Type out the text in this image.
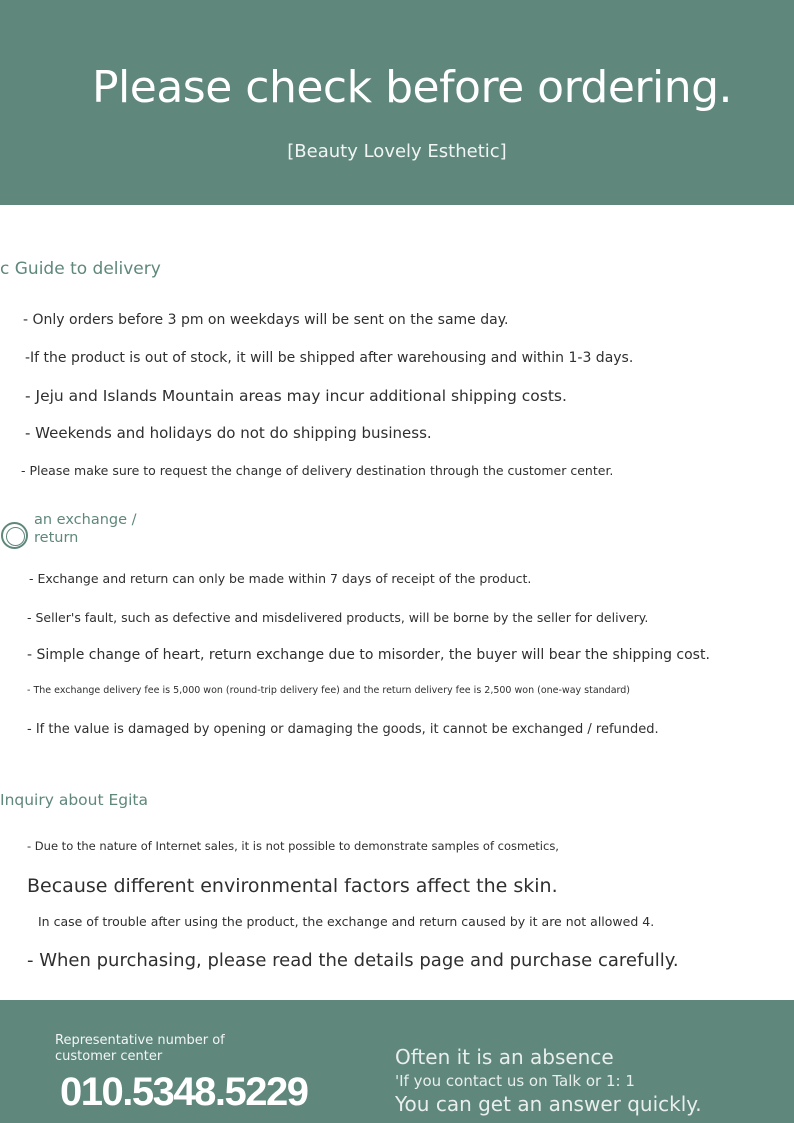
Please check before ordering.
[Beauty Lovely Esthetic]
c Guide to delivery
- Only orders before 3 pm on weekdays will be sent on the same day.
-If the product is out of stock, it will be shipped after warehousing and within 1-3 days.
- Jeju and Islands Mountain areas may incur additional shipping costs.
- Weekends and holidays do not do shipping business.
- Please make sure to request the change of delivery destination through the customer center.
an exchange /
return
- Exchange and return can only be made within 7 days of receipt of the product.
- Seller's fault, such as defective and misdelivered products, will be borne by the seller for delivery.
- Simple change of heart, return exchange due to misorder, the buyer will bear the shipping cost.
- The exchange delivery fee is 5,000 won (round-trip delivery fee) and the return delivery fee is 2,500 won (one-way standard)
- If the value is damaged by opening or damaging the goods, it cannot be exchanged / refunded.
Inquiry about Egita
- Due to the nature of Internet sales, it is not possible to demonstrate samples of cosmetics,
Because different environmental factors affect the skin.
In case of trouble after using the product, the exchange and return caused by it are not allowed 4.
- When purchasing, please read the details page and purchase carefully.
Representative number of customer center
010.5348.5229
Often it is an absence
'If you contact us on Talk or 1: 1
You can get an answer quickly.
